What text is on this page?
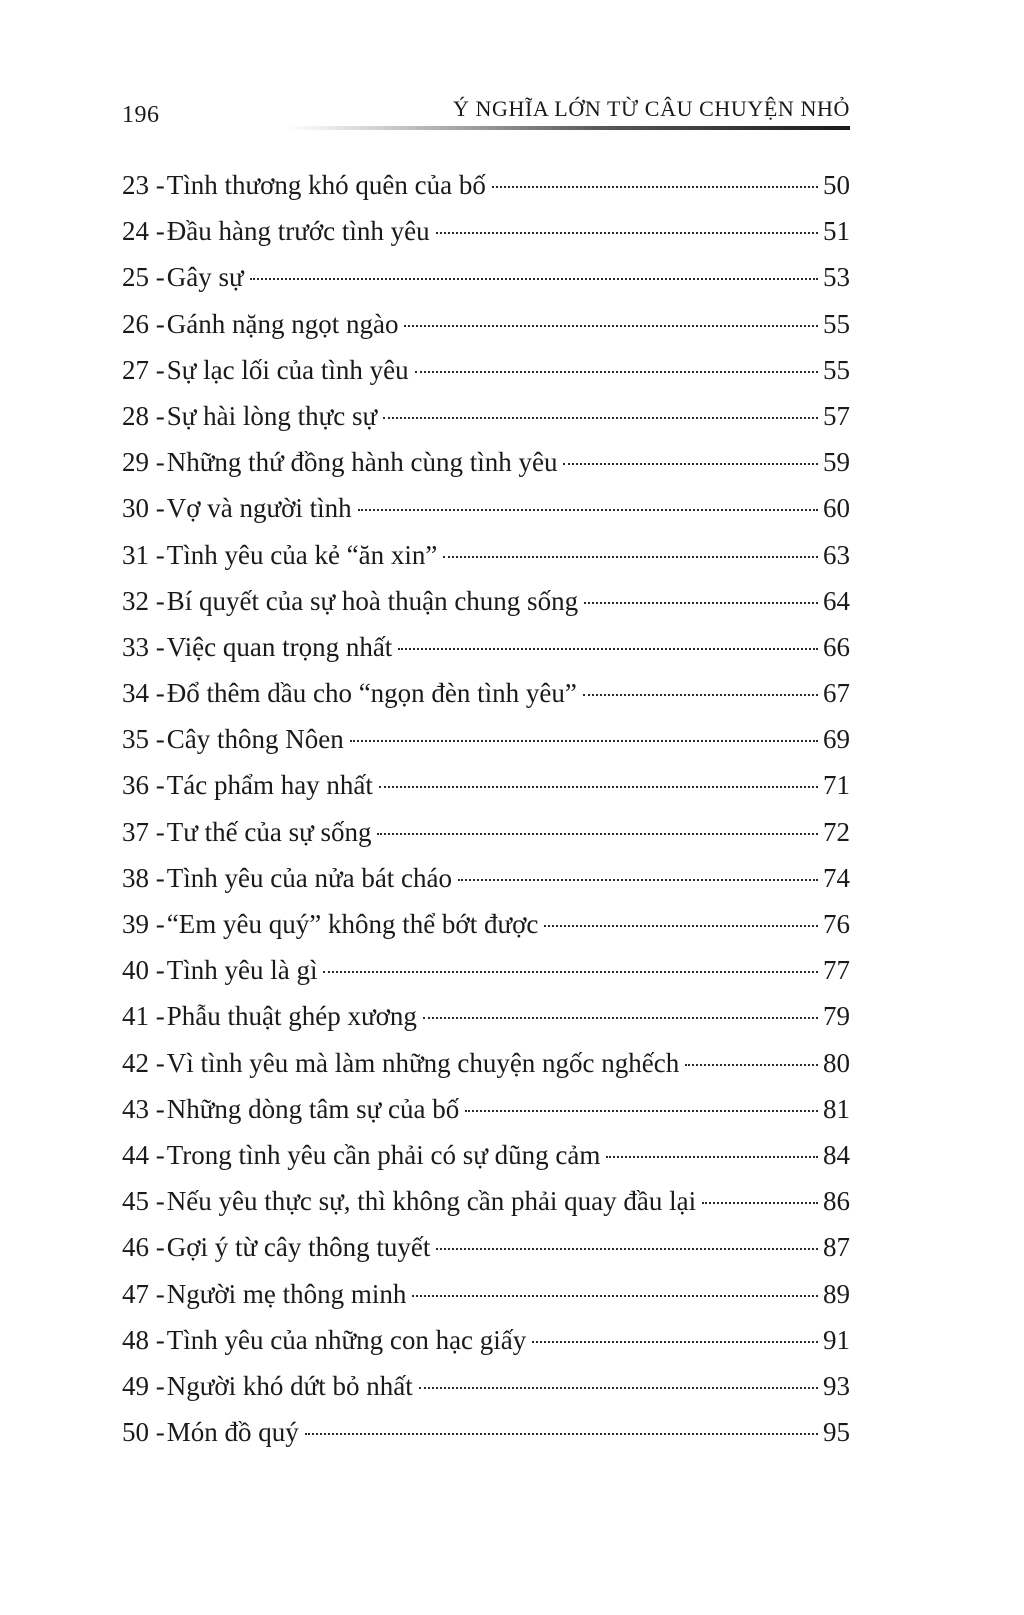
196	Ý NGHĨA LỚN TỪ CÂU CHUYỆN NHỎ
23 - Tình thương khó quên của bố	50
24 - Đầu hàng trước tình yêu	51
25 - Gây sự	53
26 - Gánh nặng ngọt ngào	55
27 - Sự lạc lối của tình yêu	55
28 - Sự hài lòng thực sự	57
29 - Những thứ đồng hành cùng tình yêu	59
30 - Vợ và người tình	60
31 - Tình yêu của kẻ “ăn xin”	63
32 - Bí quyết của sự hoà thuận chung sống	64
33 - Việc quan trọng nhất	66
34 - Đổ thêm dầu cho “ngọn đèn tình yêu”	67
35 - Cây thông Nôen	69
36 - Tác phẩm hay nhất	71
37 - Tư thế của sự sống	72
38 - Tình yêu của nửa bát cháo	74
39 - “Em yêu quý” không thể bớt được	76
40 - Tình yêu là gì	77
41 - Phẫu thuật ghép xương	79
42 - Vì tình yêu mà làm những chuyện ngốc nghếch	80
43 - Những dòng tâm sự của bố	81
44 - Trong tình yêu cần phải có sự dũng cảm	84
45 - Nếu yêu thực sự, thì không cần phải quay đầu lại	86
46 - Gợi ý từ cây thông tuyết	87
47 - Người mẹ thông minh	89
48 - Tình yêu của những con hạc giấy	91
49 - Người khó dứt bỏ nhất	93
50 - Món đồ quý	95
